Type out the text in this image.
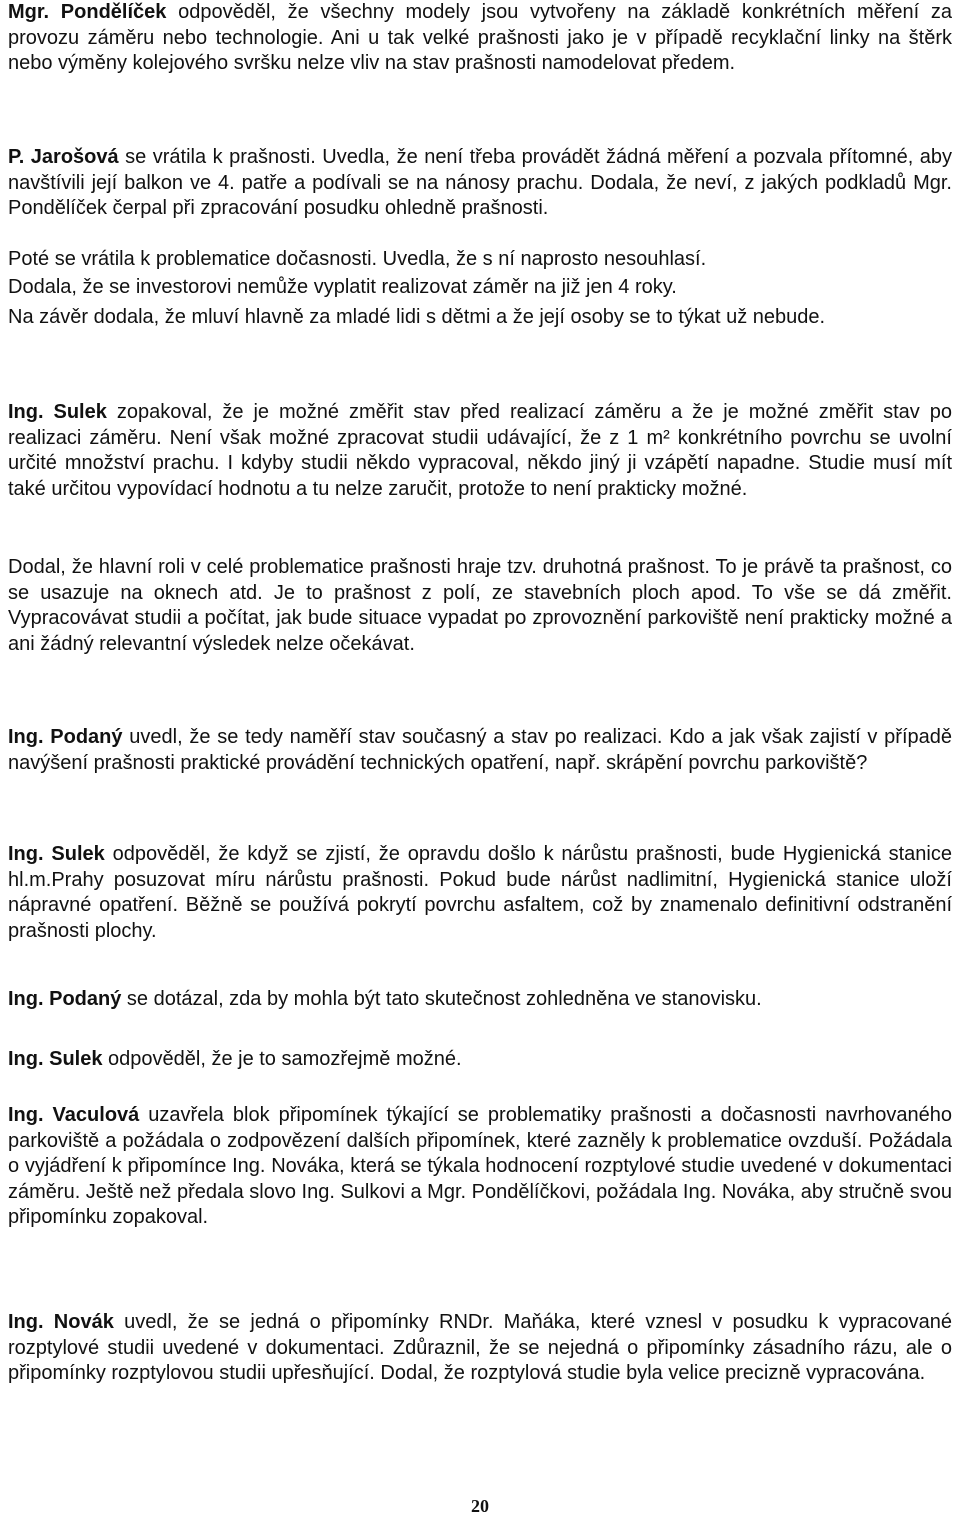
Mgr. Pondělíček odpověděl, že všechny modely jsou vytvořeny na základě konkrétních měření za provozu záměru nebo technologie. Ani u tak velké prašnosti jako je v případě recyklační linky na štěrk nebo výměny kolejového svršku nelze vliv na stav prašnosti namodelovat předem.

P. Jarošová se vrátila k prašnosti. Uvedla, že není třeba provádět žádná měření a pozvala přítomné, aby navštívili její balkon ve 4. patře a podívali se na nánosy prachu. Dodala, že neví, z jakých podkladů Mgr. Pondělíček čerpal při zpracování posudku ohledně prašnosti.

Poté se vrátila k problematice dočasnosti. Uvedla, že s ní naprosto nesouhlasí.

Dodala, že se investorovi nemůže vyplatit realizovat záměr na již jen 4 roky.

Na závěr dodala, že mluví hlavně za mladé lidi s dětmi a že její osoby se to týkat už nebude.

Ing. Sulek zopakoval, že je možné změřit stav před realizací záměru a že je možné změřit stav po realizaci záměru. Není však možné zpracovat studii udávající, že z 1 m² konkrétního povrchu se uvolní určité množství prachu. I kdyby studii někdo vypracoval, někdo jiný ji vzápětí napadne. Studie musí mít také určitou vypovídací hodnotu a tu nelze zaručit, protože to není prakticky možné.

Dodal, že hlavní roli v celé problematice prašnosti hraje tzv. druhotná prašnost. To je právě ta prašnost, co se usazuje na oknech atd. Je to prašnost z polí, ze stavebních ploch apod. To vše se dá změřit. Vypracovávat studii a počítat, jak bude situace vypadat po zprovoznění parkoviště není prakticky možné a ani žádný relevantní výsledek nelze očekávat.

Ing. Podaný uvedl, že se tedy naměří stav současný a stav po realizaci. Kdo a jak však zajistí v případě navýšení prašnosti praktické provádění technických opatření, např. skrápění povrchu parkoviště?

Ing. Sulek odpověděl, že když se zjistí, že opravdu došlo k nárůstu prašnosti, bude Hygienická stanice hl.m.Prahy posuzovat míru nárůstu prašnosti. Pokud bude nárůst nadlimitní, Hygienická stanice uloží nápravné opatření. Běžně se používá pokrytí povrchu asfaltem, což by znamenalo definitivní odstranění prašnosti plochy.

Ing. Podaný se dotázal, zda by mohla být tato skutečnost zohledněna ve stanovisku.

Ing. Sulek odpověděl, že je to samozřejmě možné.

Ing. Vaculová uzavřela blok připomínek týkající se problematiky prašnosti a dočasnosti navrhovaného parkoviště a požádala o zodpovězení dalších připomínek, které zazněly k problematice ovzduší. Požádala o vyjádření k připomínce Ing. Nováka, která se týkala hodnocení rozptylové studie uvedené v dokumentaci záměru. Ještě než předala slovo Ing. Sulkovi a Mgr. Pondělíčkovi, požádala Ing. Nováka, aby stručně svou připomínku zopakoval.

Ing. Novák uvedl, že se jedná o připomínky RNDr. Maňáka, které vznesl v posudku k vypracované rozptylové studii uvedené v dokumentaci. Zdůraznil, že se nejedná o připomínky zásadního rázu, ale o připomínky rozptylovou studii upřesňující. Dodal, že rozptylová studie byla velice precizně vypracována.

20
